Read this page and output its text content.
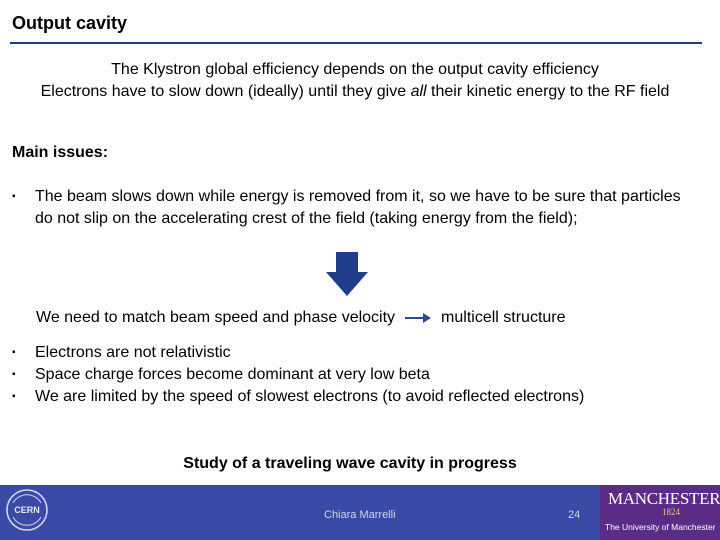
Output cavity
The Klystron global efficiency depends on the output cavity efficiency
Electrons have to slow down (ideally) until they give all their kinetic energy to the RF field
Main issues:
▪	The beam slows down while energy is removed from it, so we have to be sure that particles do not slip on the accelerating crest of the field (taking energy from the field);
We need to match beam speed and phase velocity	multicell structure
▪	Electrons are not relativistic
▪	Space charge forces become dominant at very low beta
▪	We are limited by the speed of slowest electrons (to avoid reflected electrons)
Study of a traveling wave cavity in progress
CERN	Chiara Marrelli	24
MANCHESTER
1824
The University of Manchester
